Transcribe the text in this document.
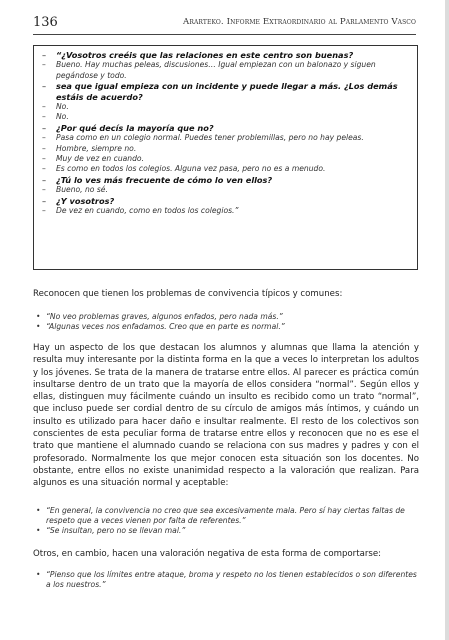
136	Ararteko. Informe Extraordinario al Parlamento Vasco
– “¿Vosotros creéis que las relaciones en este centro son buenas?
– Bueno. Hay muchas peleas, discusiones… Igual empiezan con un balonazo y siguen pegándose y todo.
– sea que igual empieza con un incidente y puede llegar a más. ¿Los demás estáis de acuerdo?
– No.
– No.
– ¿Por qué decís la mayoría que no?
– Pasa como en un colegio normal. Puedes tener problemillas, pero no hay peleas.
– Hombre, siempre no.
– Muy de vez en cuando.
– Es como en todos los colegios. Alguna vez pasa, pero no es a menudo.
– ¿Tú lo ves más frecuente de cómo lo ven ellos?
– Bueno, no sé.
– ¿Y vosotros?
– De vez en cuando, como en todos los colegios.”

Reconocen que tienen los problemas de convivencia típicos y comunes:

• “No veo problemas graves, algunos enfados, pero nada más.”
• “Algunas veces nos enfadamos. Creo que en parte es normal.”

Hay un aspecto de los que destacan los alumnos y alumnas que llama la atención y resulta muy interesante por la distinta forma en la que a veces lo interpretan los adultos y los jóvenes. Se trata de la manera de tratarse entre ellos. Al parecer es práctica común insultarse dentro de un trato que la mayoría de ellos considera “normal”. Según ellos y ellas, distinguen muy fácilmente cuándo un insulto es recibido como un trato “normal”, que incluso puede ser cordial dentro de su círculo de amigos más íntimos, y cuándo un insulto es utilizado para hacer daño e insultar realmente. El resto de los colectivos son conscientes de esta peculiar forma de tratarse entre ellos y reconocen que no es ese el trato que mantiene el alumnado cuando se relaciona con sus madres y padres y con el profesorado. Normalmente los que mejor conocen esta situación son los docentes. No obstante, entre ellos no existe unanimidad respecto a la valoración que realizan. Para algunos es una situación normal y aceptable:

• “En general, la convivencia no creo que sea excesivamente mala. Pero sí hay ciertas faltas de respeto que a veces vienen por falta de referentes.”
• “Se insultan, pero no se llevan mal.”

Otros, en cambio, hacen una valoración negativa de esta forma de comportarse:

• “Pienso que los límites entre ataque, broma y respeto no los tienen establecidos o son diferentes a los nuestros.”
